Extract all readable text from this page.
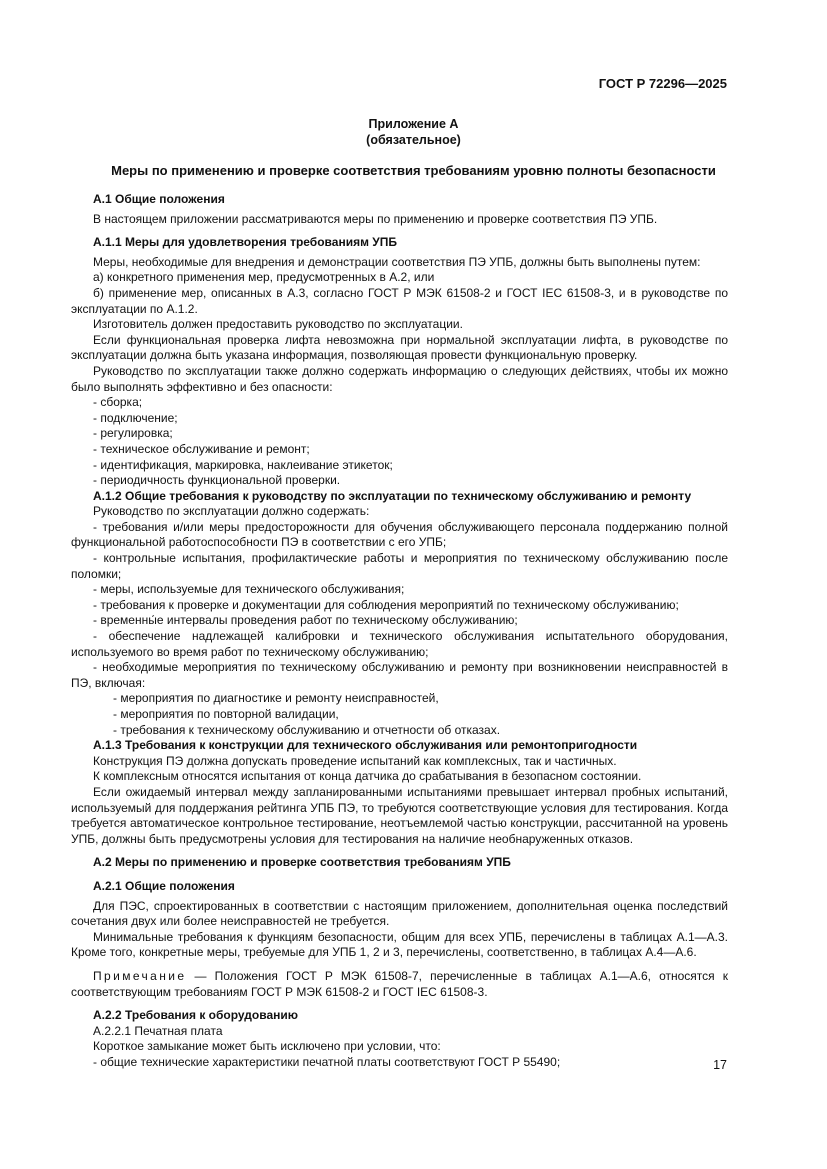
ГОСТ Р 72296—2025
Приложение А
(обязательное)
Меры по применению и проверке соответствия требованиям уровню полноты безопасности
А.1 Общие положения
В настоящем приложении рассматриваются меры по применению и проверке соответствия ПЭ УПБ.
А.1.1 Меры для удовлетворения требованиям УПБ
Меры, необходимые для внедрения и демонстрации соответствия ПЭ УПБ, должны быть выполнены путем:
а) конкретного применения мер, предусмотренных в А.2, или
б) применение мер, описанных в А.3, согласно ГОСТ Р МЭК 61508-2 и ГОСТ IEC 61508-3, и в руководстве по эксплуатации по А.1.2.
Изготовитель должен предоставить руководство по эксплуатации.
Если функциональная проверка лифта невозможна при нормальной эксплуатации лифта, в руководстве по эксплуатации должна быть указана информация, позволяющая провести функциональную проверку.
Руководство по эксплуатации также должно содержать информацию о следующих действиях, чтобы их можно было выполнять эффективно и без опасности:
- сборка;
- подключение;
- регулировка;
- техническое обслуживание и ремонт;
- идентификация, маркировка, наклеивание этикеток;
- периодичность функциональной проверки.
А.1.2 Общие требования к руководству по эксплуатации по техническому обслуживанию и ремонту
Руководство по эксплуатации должно содержать:
- требования и/или меры предосторожности для обучения обслуживающего персонала поддержанию полной функциональной работоспособности ПЭ в соответствии с его УПБ;
- контрольные испытания, профилактические работы и мероприятия по техническому обслуживанию после поломки;
- меры, используемые для технического обслуживания;
- требования к проверке и документации для соблюдения мероприятий по техническому обслуживанию;
- временны́е интервалы проведения работ по техническому обслуживанию;
- обеспечение надлежащей калибровки и технического обслуживания испытательного оборудования, используемого во время работ по техническому обслуживанию;
- необходимые мероприятия по техническому обслуживанию и ремонту при возникновении неисправностей в ПЭ, включая:
- мероприятия по диагностике и ремонту неисправностей,
- мероприятия по повторной валидации,
- требования к техническому обслуживанию и отчетности об отказах.
А.1.3 Требования к конструкции для технического обслуживания или ремонтопригодности
Конструкция ПЭ должна допускать проведение испытаний как комплексных, так и частичных.
К комплексным относятся испытания от конца датчика до срабатывания в безопасном состоянии.
Если ожидаемый интервал между запланированными испытаниями превышает интервал пробных испытаний, используемый для поддержания рейтинга УПБ ПЭ, то требуются соответствующие условия для тестирования. Когда требуется автоматическое контрольное тестирование, неотъемлемой частью конструкции, рассчитанной на уровень УПБ, должны быть предусмотрены условия для тестирования на наличие необнаруженных отказов.
А.2 Меры по применению и проверке соответствия требованиям УПБ
А.2.1 Общие положения
Для ПЭС, спроектированных в соответствии с настоящим приложением, дополнительная оценка последствий сочетания двух или более неисправностей не требуется.
Минимальные требования к функциям безопасности, общим для всех УПБ, перечислены в таблицах А.1—А.3. Кроме того, конкретные меры, требуемые для УПБ 1, 2 и 3, перечислены, соответственно, в таблицах А.4—А.6.
Примечание — Положения ГОСТ Р МЭК 61508-7, перечисленные в таблицах А.1—А.6, относятся к соответствующим требованиям ГОСТ Р МЭК 61508-2 и ГОСТ IEC 61508-3.
А.2.2 Требования к оборудованию
А.2.2.1 Печатная плата
Короткое замыкание может быть исключено при условии, что:
- общие технические характеристики печатной платы соответствуют ГОСТ Р 55490;	17
